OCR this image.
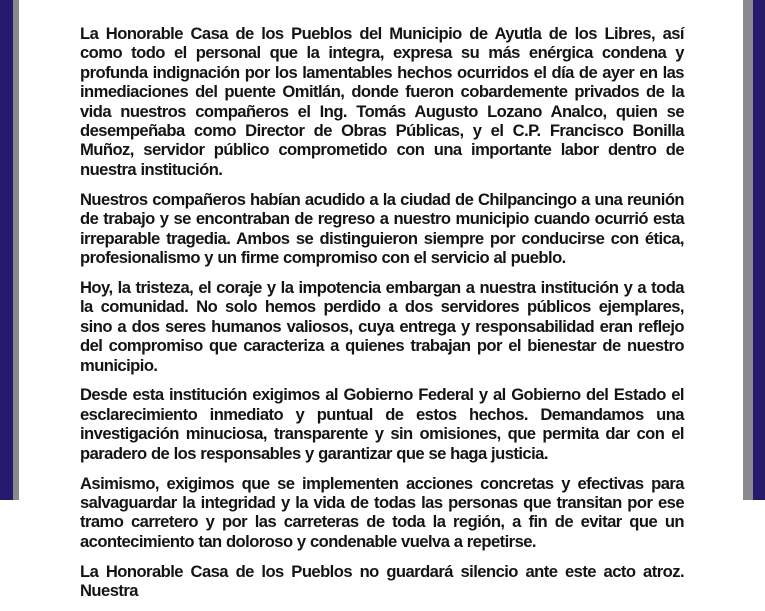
La Honorable Casa de los Pueblos del Municipio de Ayutla de los Libres, así como todo el personal que la integra, expresa su más enérgica condena y profunda indignación por los lamentables hechos ocurridos el día de ayer en las inmediaciones del puente Omitlán, donde fueron cobardemente privados de la vida nuestros compañeros el Ing. Tomás Augusto Lozano Analco, quien se desempeñaba como Director de Obras Públicas, y el C.P. Francisco Bonilla Muñoz, servidor público comprometido con una importante labor dentro de nuestra institución.

Nuestros compañeros habían acudido a la ciudad de Chilpancingo a una reunión de trabajo y se encontraban de regreso a nuestro municipio cuando ocurrió esta irreparable tragedia. Ambos se distinguieron siempre por conducirse con ética, profesionalismo y un firme compromiso con el servicio al pueblo.

Hoy, la tristeza, el coraje y la impotencia embargan a nuestra institución y a toda la comunidad. No solo hemos perdido a dos servidores públicos ejemplares, sino a dos seres humanos valiosos, cuya entrega y responsabilidad eran reflejo del compromiso que caracteriza a quienes trabajan por el bienestar de nuestro municipio.

Desde esta institución exigimos al Gobierno Federal y al Gobierno del Estado el esclarecimiento inmediato y puntual de estos hechos. Demandamos una investigación minuciosa, transparente y sin omisiones, que permita dar con el paradero de los responsables y garantizar que se haga justicia.

Asimismo, exigimos que se implementen acciones concretas y efectivas para salvaguardar la integridad y la vida de todas las personas que transitan por ese tramo carretero y por las carreteras de toda la región, a fin de evitar que un acontecimiento tan doloroso y condenable vuelva a repetirse.

La Honorable Casa de los Pueblos no guardará silencio ante este acto atroz. Nuestra
